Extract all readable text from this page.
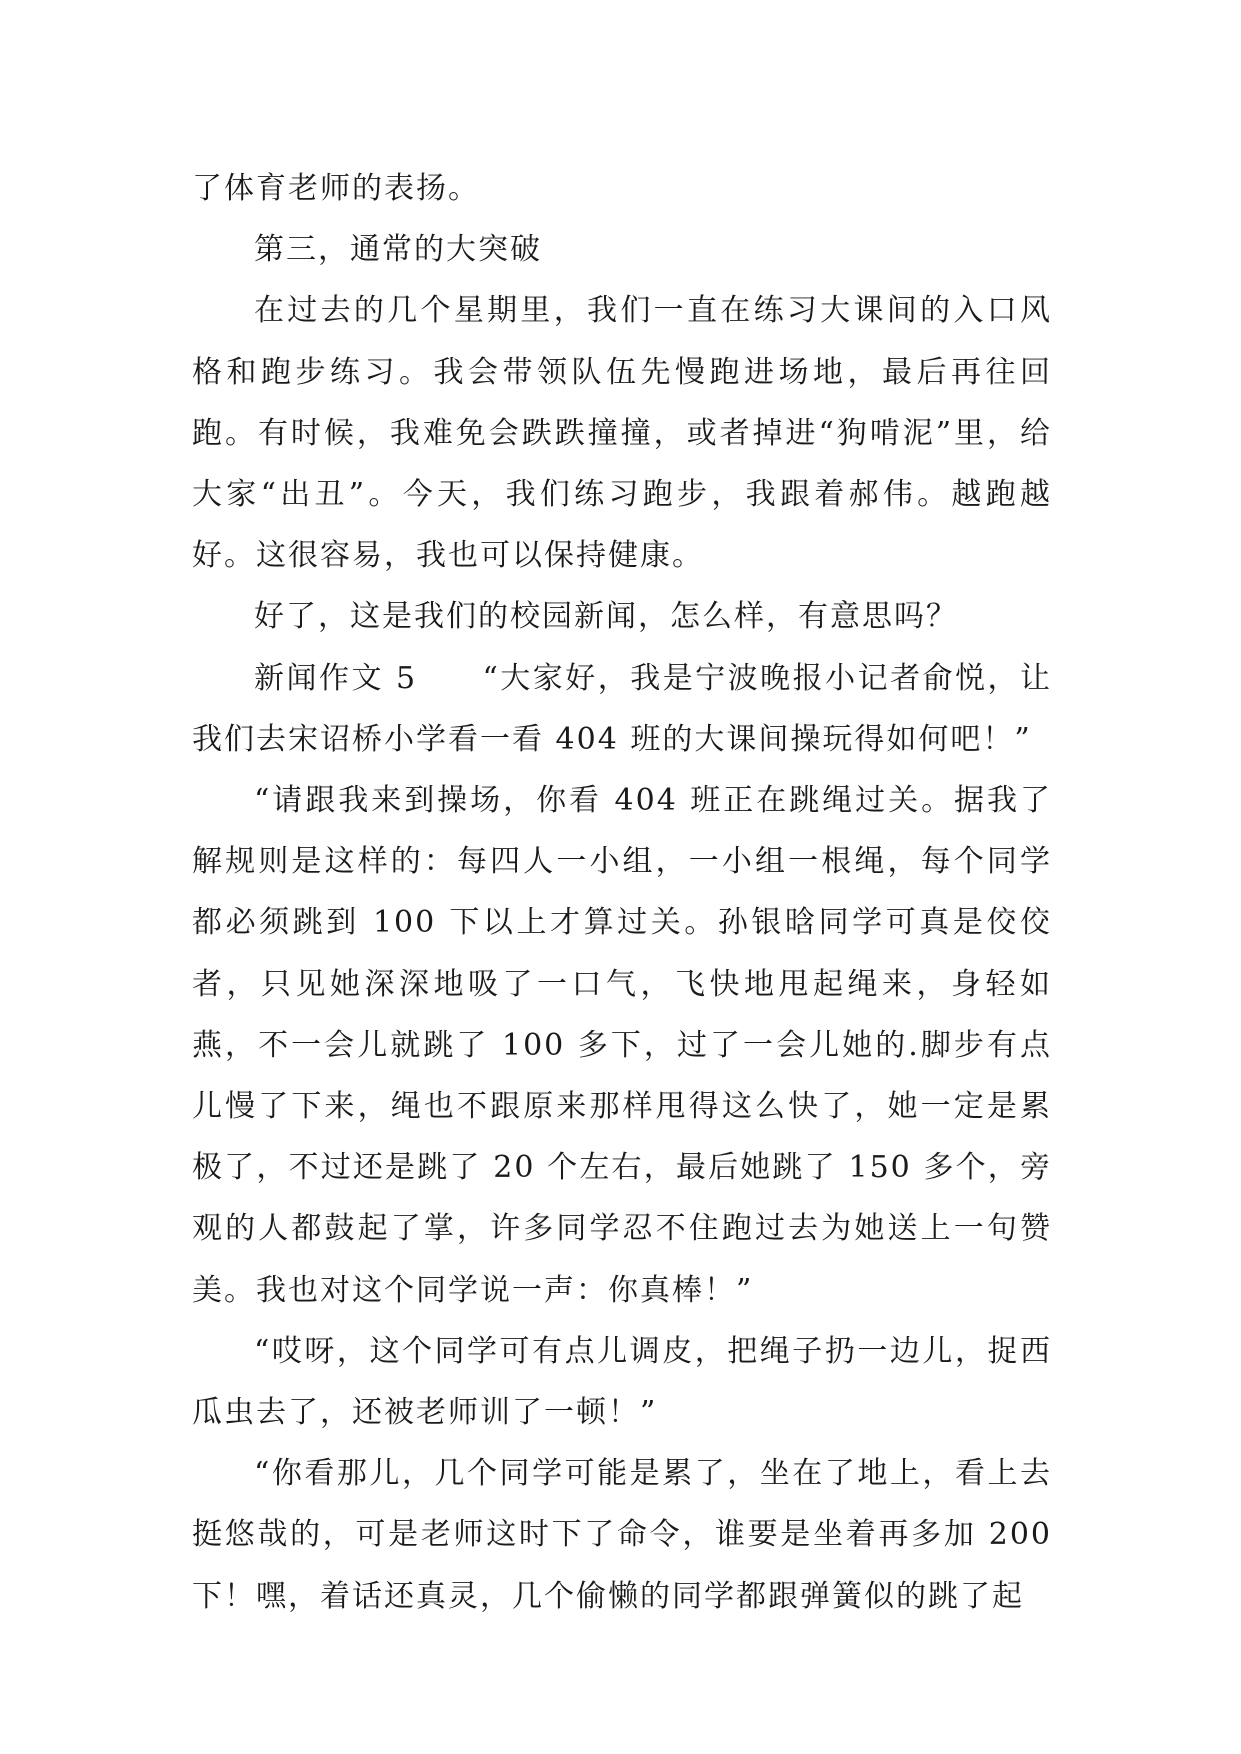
了体育老师的表扬。

第三，通常的大突破

在过去的几个星期里，我们一直在练习大课间的入口风格和跑步练习。我会带领队伍先慢跑进场地，最后再往回跑。有时候，我难免会跌跌撞撞，或者掉进“狗啃泥”里，给大家“出丑”。今天，我们练习跑步，我跟着郝伟。越跑越好。这很容易，我也可以保持健康。

好了，这是我们的校园新闻，怎么样，有意思吗？

新闻作文 5　　“大家好，我是宁波晚报小记者俞悦，让我们去宋诏桥小学看一看 404 班的大课间操玩得如何吧！”

“请跟我来到操场，你看 404 班正在跳绳过关。据我了解规则是这样的：每四人一小组，一小组一根绳，每个同学都必须跳到 100 下以上才算过关。孙银晗同学可真是佼佼者，只见她深深地吸了一口气，飞快地甩起绳来，身轻如燕，不一会儿就跳了 100 多下，过了一会儿她的.脚步有点儿慢了下来，绳也不跟原来那样甩得这么快了，她一定是累极了，不过还是跳了 20 个左右，最后她跳了 150 多个，旁观的人都鼓起了掌，许多同学忍不住跑过去为她送上一句赞美。我也对这个同学说一声：你真棒！”

“哎呀，这个同学可有点儿调皮，把绳子扔一边儿，捉西瓜虫去了，还被老师训了一顿！”

“你看那儿，几个同学可能是累了，坐在了地上，看上去挺悠哉的，可是老师这时下了命令，谁要是坐着再多加 200 下！嘿，着话还真灵，几个偷懒的同学都跟弹簧似的跳了起
